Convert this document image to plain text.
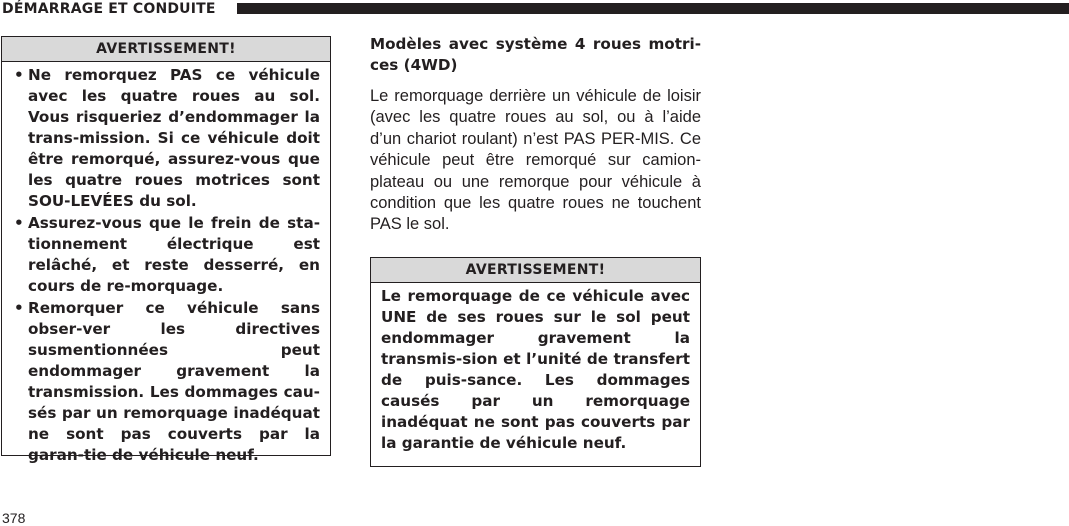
DÉMARRAGE ET CONDUITE
AVERTISSEMENT!
• Ne remorquez PAS ce véhicule avec les quatre roues au sol. Vous risqueriez d’endommager la trans-mission. Si ce véhicule doit être remorqué, assurez-vous que les quatre roues motrices sont SOU-LEVÉES du sol.
• Assurez-vous que le frein de sta-tionnement électrique est relâché, et reste desserré, en cours de re-morquage.
• Remorquer ce véhicule sans obser-ver les directives susmentionnées peut endommager gravement la transmission. Les dommages cau-sés par un remorquage inadéquat ne sont pas couverts par la garan-tie de véhicule neuf.
Modèles avec système 4 roues motri-ces (4WD)
Le remorquage derrière un véhicule de loisir (avec les quatre roues au sol, ou à l’aide d’un chariot roulant) n’est PAS PER-MIS. Ce véhicule peut être remorqué sur camion-plateau ou une remorque pour véhicule à condition que les quatre roues ne touchent PAS le sol.
AVERTISSEMENT!
Le remorquage de ce véhicule avec UNE de ses roues sur le sol peut endommager gravement la transmis-sion et l’unité de transfert de puis-sance. Les dommages causés par un remorquage inadéquat ne sont pas couverts par la garantie de véhicule neuf.
378
